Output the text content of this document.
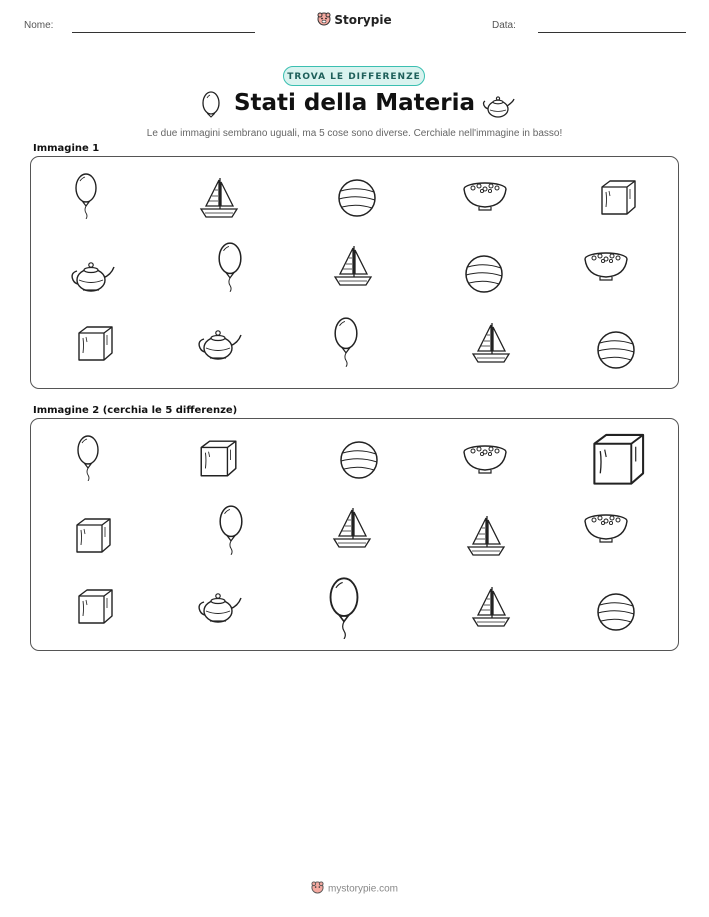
Nome:	Storypie	Data:
TROVA LE DIFFERENZE
Stati della Materia
Le due immagini sembrano uguali, ma 5 cose sono diverse. Cerchiale nell'immagine in basso!
Immagine 1
Immagine 2 (cerchia le 5 differenze)
mystorypie.com
